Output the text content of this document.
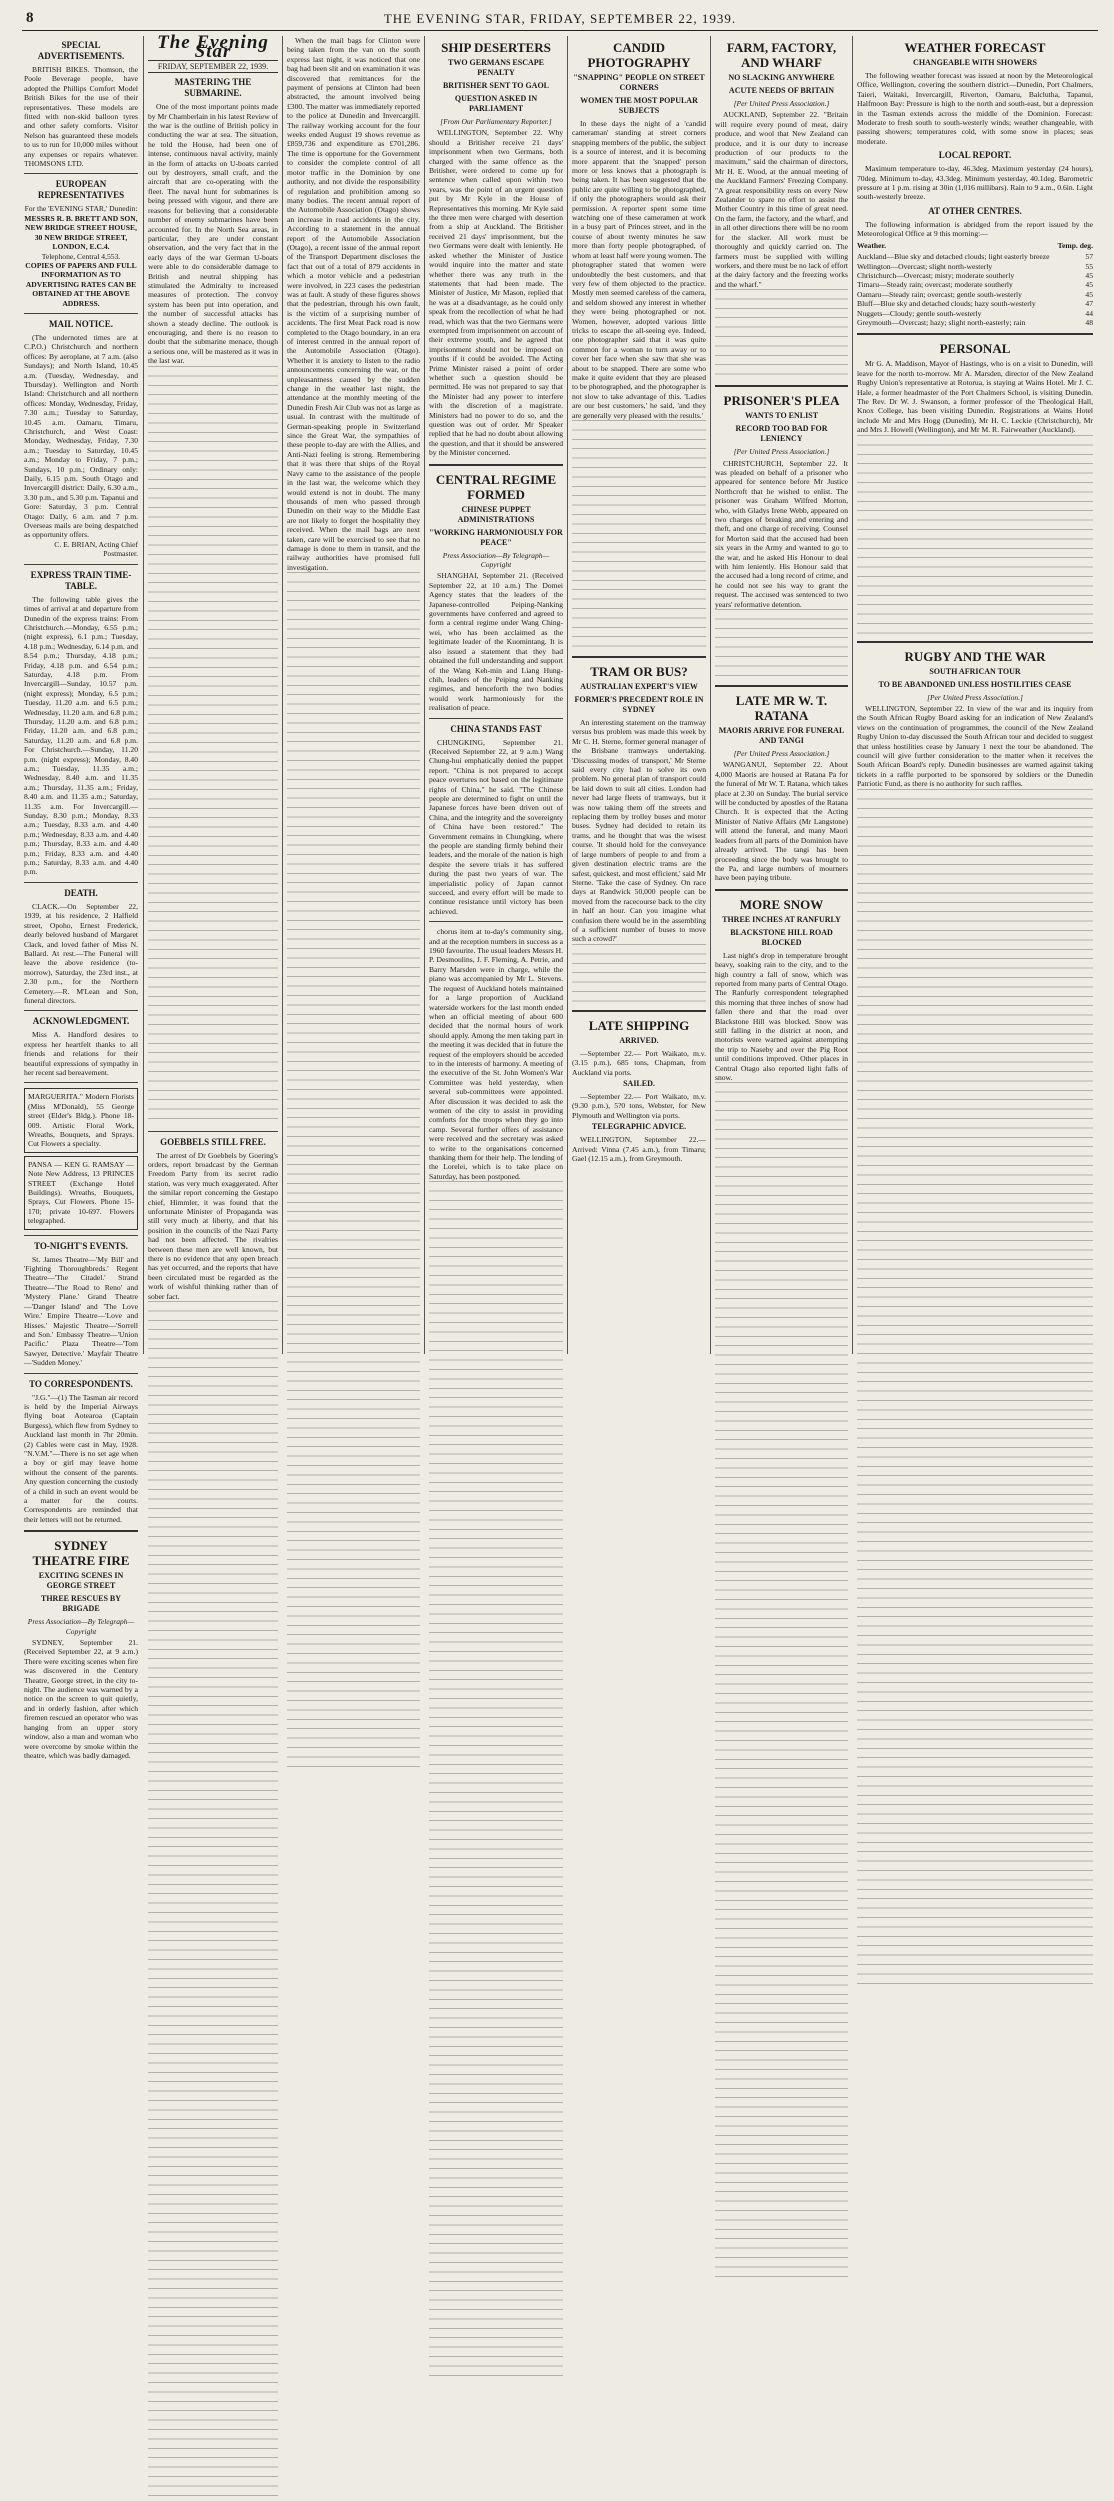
8	THE EVENING STAR, FRIDAY, SEPTEMBER 22, 1939.
SPECIAL ADVERTISEMENTS.
BRITISH BIKES. Thomson, the Poole Beverage people, have adopted the Phillips Comfort Model British Bikes for the use of their representatives. These models are fitted with non-skid balloon tyres and other safety comforts. Visitor Nelson has guaranteed these models to us to run for 10,000 miles without any expenses or repairs whatever. THOMSONS LTD.
EUROPEAN REPRESENTATIVES
For the 'EVENING STAR,' Dunedin:
MESSRS R. B. BRETT AND SON, NEW BRIDGE STREET HOUSE, 30 NEW BRIDGE STREET, LONDON, E.C.4.
Telephone, Central 4,553.
COPIES OF PAPERS AND FULL INFORMATION AS TO ADVERTISING RATES CAN BE OBTAINED AT THE ABOVE ADDRESS.
MAIL NOTICE.
(The undernoted times are at C.P.O.) Christchurch and northern offices: By aeroplane, at 7 a.m. (also Sundays); and North Island, 10.45 a.m. (Tuesday, Wednesday, and Thursday). Wellington and North Island: Christchurch and all northern offices: Monday, Wednesday, Friday, 7.30 a.m.; Tuesday to Saturday, 10.45 a.m. Oamaru, Timaru, Christchurch, and West Coast: Monday, Wednesday, Friday, 7.30 a.m.; Tuesday to Saturday, 10.45 a.m.; Monday to Friday, 7 p.m.; Sundays, 10 p.m.; Ordinary only: Daily, 6.15 p.m. South Otago and Invercargill district: Daily, 6.30 a.m., 3.30 p.m., and 5.30 p.m. Tapanui and Gore: Saturday, 3 p.m. Central Otago: Daily, 6 a.m. and 7 p.m. Overseas mails are being despatched as opportunity offers.
C. E. BRIAN, Acting Chief Postmaster.
EXPRESS TRAIN TIME-TABLE.
The following table gives the times of arrival at and departure from Dunedin of the express trains: From Christchurch.—Monday, 6.55 p.m.; (night express), 6.1 p.m.; Tuesday, 4.18 p.m.; Wednesday, 6.14 p.m. and 8.54 p.m.; Thursday, 4.18 p.m.; Friday, 4.18 p.m. and 6.54 p.m.; Saturday, 4.18 p.m. From Invercargill—Sunday, 10.57 p.m. (night express); Monday, 6.5 p.m.; Tuesday, 11.20 a.m. and 6.5 p.m.; Wednesday, 11.20 a.m. and 6.8 p.m.; Thursday, 11.20 a.m. and 6.8 p.m.; Friday, 11.20 a.m. and 6.8 p.m.; Saturday, 11.20 a.m. and 6.8 p.m. For Christchurch.—Sunday, 11.20 p.m. (night express); Monday, 8.40 a.m.; Tuesday, 11.35 a.m.; Wednesday, 8.40 a.m. and 11.35 a.m.; Thursday, 11.35 a.m.; Friday, 8.40 a.m. and 11.35 a.m.; Saturday, 11.35 a.m. For Invercargill.—Sunday, 8.30 p.m.; Monday, 8.33 a.m.; Tuesday, 8.33 a.m. and 4.40 p.m.; Wednesday, 8.33 a.m. and 4.40 p.m.; Thursday, 8.33 a.m. and 4.40 p.m.; Friday, 8.33 a.m. and 4.40 p.m.; Saturday, 8.33 a.m. and 4.40 p.m.
DEATH.
CLACK.—On September 22, 1939, at his residence, 2 Halfield street, Opoho, Ernest Frederick, dearly beloved husband of Margaret Clack, and loved father of Miss N. Ballard. At rest.—The Funeral will leave the above residence (to-morrow), Saturday, the 23rd inst., at 2.30 p.m., for the Northern Cemetery.—R. M'Lean and Son, funeral directors.
ACKNOWLEDGMENT.
Miss A. Handford desires to express her heartfelt thanks to all friends and relations for their beautiful expressions of sympathy in her recent sad bereavement.
MARGUERITA." Modern Florists (Miss M'Donald), 55 George street (Elder's Bldg.). Phone 18-009. Artistic Floral Work, Wreaths, Bouquets, and Sprays. Cut Flowers a specialty.
PANSA — KEN G. RAMSAY — Note New Address, 13 PRINCES STREET (Exchange Hotel Buildings). Wreaths, Bouquets, Sprays, Cut Flowers. Phone 15-170; private 10-697. Flowers telegraphed.
TO-NIGHT'S EVENTS.
St. James Theatre—'My Bill' and 'Fighting Thoroughbreds.' Regent Theatre—'The Citadel.' Strand Theatre—'The Road to Reno' and 'Mystery Plane.' Grand Theatre—'Danger Island' and 'The Love Wire.' Empire Theatre—'Love and Hisses.' Majestic Theatre—'Sorrell and Son.' Embassy Theatre—'Union Pacific.' Plaza Theatre—'Tom Sawyer, Detective.' Mayfair Theatre—'Sudden Money.'
TO CORRESPONDENTS.
"J.G."—(1) The Tasman air record is held by the Imperial Airways flying boat Aotearoa (Captain Burgess), which flew from Sydney to Auckland last month in 7hr 20min. (2) Cables were cast in May, 1928. "N.V.M."—There is no set age when a boy or girl may leave home without the consent of the parents. Any question concerning the custody of a child in such an event would be a matter for the courts. Correspondents are reminded that their letters will not be returned.
SYDNEY THEATRE FIRE
EXCITING SCENES IN GEORGE STREET
THREE RESCUES BY BRIGADE
Press Association—By Telegraph—Copyright
SYDNEY, September 21. (Received September 22, at 9 a.m.) There were exciting scenes when fire was discovered in the Century Theatre, George street, in the city to-night. The audience was warned by a notice on the screen to quit quietly, and in orderly fashion, after which firemen rescued an operator who was hanging from an upper story window, also a man and woman who were overcome by smoke within the theatre, which was badly damaged.
The Evening Star
FRIDAY, SEPTEMBER 22, 1939.
MASTERING THE SUBMARINE.
One of the most important points made by Mr Chamberlain in his latest Review of the war is the outline of British policy in conducting the war at sea. The situation, he told the House, had been one of intense, continuous naval activity, mainly in the form of attacks on U-boats carried out by destroyers, small craft, and the aircraft that are co-operating with the fleet. The naval hunt for submarines is being pressed with vigour, and there are reasons for believing that a considerable number of enemy submarines have been accounted for. In the North Sea areas, in particular, they are under constant observation, and the very fact that in the early days of the war German U-boats were able to do considerable damage to British and neutral shipping has stimulated the Admiralty to increased measures of protection. The convoy system has been put into operation, and the number of successful attacks has shown a steady decline. The outlook is encouraging, and there is no reason to doubt that the submarine menace, though a serious one, will be mastered as it was in the last war.
GOEBBELS STILL FREE.
The arrest of Dr Goebbels by Goering's orders, report broadcast by the German Freedom Party from its secret radio station, was very much exaggerated. After the similar report concerning the Gestapo chief, Himmler, it was found that the unfortunate Minister of Propaganda was still very much at liberty, and that his position in the councils of the Nazi Party had not been affected. The rivalries between these men are well known, but there is no evidence that any open breach has yet occurred, and the reports that have been circulated must be regarded as the work of wishful thinking rather than of sober fact.
When the mail bags for Clinton were being taken from the van on the south express last night, it was noticed that one bag had been slit and on examination it was discovered that remittances for the payment of pensions at Clinton had been abstracted, the amount involved being £300. The matter was immediately reported to the police at Dunedin and Invercargill. The railway working account for the four weeks ended August 19 shows revenue as £859,736 and expenditure as £701,286. The time is opportune for the Government to consider the complete control of all motor traffic in the Dominion by one authority, and not divide the responsibility of regulation and prohibition among so many bodies. The recent annual report of the Automobile Association (Otago) shows an increase in road accidents in the city. According to a statement in the annual report of the Automobile Association (Otago), a recent issue of the annual report of the Transport Department discloses the fact that out of a total of 879 accidents in which a motor vehicle and a pedestrian were involved, in 223 cases the pedestrian was at fault. A study of these figures shows that the pedestrian, through his own fault, is the victim of a surprising number of accidents. The first Meat Pack road is now completed to the Otago boundary, in an era of interest centred in the annual report of the Automobile Association (Otago). Whether it is anxiety to listen to the radio announcements concerning the war, or the unpleasantness caused by the sudden change in the weather last night, the attendance at the monthly meeting of the Dunedin Fresh Air Club was not as large as usual. In contrast with the multitude of German-speaking people in Switzerland since the Great War, the sympathies of these people to-day are with the Allies, and Anti-Nazi feeling is strong. Remembering that it was there that ships of the Royal Navy came to the assistance of the people in the last war, the welcome which they would extend is not in doubt. The many thousands of men who passed through Dunedin on their way to the Middle East are not likely to forget the hospitality they received. When the mail bags are next taken, care will be exercised to see that no damage is done to them in transit, and the railway authorities have promised full investigation.
SHIP DESERTERS
TWO GERMANS ESCAPE PENALTY
BRITISHER SENT TO GAOL
QUESTION ASKED IN PARLIAMENT
[From Our Parliamentary Reporter.]
WELLINGTON, September 22. Why should a Britisher receive 21 days' imprisonment when two Germans, both charged with the same offence as the Britisher, were ordered to come up for sentence when called upon within two years, was the point of an urgent question put by Mr Kyle in the House of Representatives this morning. Mr Kyle said the three men were charged with desertion from a ship at Auckland. The Britisher received 21 days' imprisonment, but the two Germans were dealt with leniently. He asked whether the Minister of Justice would inquire into the matter and state whether there was any truth in the statements that had been made. The Minister of Justice, Mr Mason, replied that he was at a disadvantage, as he could only speak from the recollection of what he had read, which was that the two Germans were exempted from imprisonment on account of their extreme youth, and he agreed that imprisonment should not be imposed on youths if it could be avoided. The Acting Prime Minister raised a point of order whether such a question should be permitted. He was not prepared to say that the Minister had any power to interfere with the discretion of a magistrate. Ministers had no power to do so, and the question was out of order. Mr Speaker replied that he had no doubt about allowing the question, and that it should be answered by the Minister concerned.
CENTRAL REGIME FORMED
CHINESE PUPPET ADMINISTRATIONS
"WORKING HARMONIOUSLY FOR PEACE"
Press Association—By Telegraph—Copyright
SHANGHAI, September 21. (Received September 22, at 10 a.m.) The Domei Agency states that the leaders of the Japanese-controlled Peiping-Nanking governments have conferred and agreed to form a central regime under Wang Ching-wei, who has been acclaimed as the legitimate leader of the Kuomintang. It is also issued a statement that they had obtained the full understanding and support of the Wang Keh-min and Liang Hung-chih, leaders of the Peiping and Nanking regimes, and henceforth the two bodies would work harmoniously for the realisation of peace.
CHINA STANDS FAST
CHUNGKING, September 21. (Received September 22, at 9 a.m.) Wang Chung-hui emphatically denied the puppet report. "China is not prepared to accept peace overtures not based on the legitimate rights of China," he said. "The Chinese people are determined to fight on until the Japanese forces have been driven out of China, and the integrity and the sovereignty of China have been restored." The Government remains in Chungking, where the people are standing firmly behind their leaders, and the morale of the nation is high despite the severe trials it has suffered during the past two years of war. The imperialistic policy of Japan cannot succeed, and every effort will be made to continue resistance until victory has been achieved.
chorus item at to-day's community sing, and at the reception numbers in success as a 1960 favourite. The usual leaders Messrs H. P. Desmoulins, J. F. Fleming, A. Petrie, and Barry Marsden were in charge, while the piano was accompanied by Mr L. Stevens. The request of Auckland hotels maintained for a large proportion of Auckland waterside workers for the last month ended when an official meeting of about 600 decided that the normal hours of work should apply. Among the men taking part in the meeting it was decided that in future the request of the employers should be acceded to in the interests of harmony. A meeting of the executive of the St. John Women's War Committee was held yesterday, when several sub-committees were appointed. After discussion it was decided to ask the women of the city to assist in providing comforts for the troops when they go into camp. Several further offers of assistance were received and the secretary was asked to write to the organisations concerned thanking them for their help. The lending of the Lorelei, which is to take place on Saturday, has been postponed.
CANDID PHOTOGRAPHY
"SNAPPING" PEOPLE ON STREET CORNERS
WOMEN THE MOST POPULAR SUBJECTS
In these days the night of a 'candid cameraman' standing at street corners snapping members of the public, the subject is a source of interest, and it is becoming more apparent that the 'snapped' person more or less knows that a photograph is being taken. It has been suggested that the public are quite willing to be photographed, if only the photographers would ask their permission. A reporter spent some time watching one of these cameramen at work in a busy part of Princes street, and in the course of about twenty minutes he saw more than forty people photographed, of whom at least half were young women. The photographer stated that women were undoubtedly the best customers, and that very few of them objected to the practice. Mostly men seemed careless of the camera, and seldom showed any interest in whether they were being photographed or not. Women, however, adopted various little tricks to escape the all-seeing eye. Indeed, one photographer said that it was quite common for a woman to turn away or to cover her face when she saw that she was about to be snapped. There are some who make it quite evident that they are pleased to be photographed, and the photographer is not slow to take advantage of this. 'Ladies are our best customers,' he said, 'and they are generally very pleased with the results.'
TRAM OR BUS?
AUSTRALIAN EXPERT'S VIEW
FORMER'S PRECEDENT ROLE IN SYDNEY
An interesting statement on the tramway versus bus problem was made this week by Mr C. H. Sterne, former general manager of the Brisbane tramways undertaking. 'Discussing modes of transport,' Mr Sterne said every city had to solve its own problem. No general plan of transport could be laid down to suit all cities. London had never had large fleets of tramways, but it was now taking them off the streets and replacing them by trolley buses and motor buses. Sydney had decided to retain its trams, and he thought that was the wisest course. 'It should hold for the conveyance of large numbers of people to and from a given destination electric trams are the safest, quickest, and most efficient,' said Mr Sterne. 'Take the case of Sydney. On race days at Randwick 50,000 people can be moved from the racecourse back to the city in half an hour. Can you imagine what confusion there would be in the assembling of a sufficient number of buses to move such a crowd?'
LATE SHIPPING
ARRIVED.
—September 22.— Port Waikato, m.v. (3.15 p.m.), 685 tons, Chapman, from Auckland via ports.
SAILED.
—September 22.— Port Waikato, m.v. (9.30 p.m.), 5?0 tons, Webster, for New Plymouth and Wellington via ports.
TELEGRAPHIC ADVICE.
WELLINGTON, September 22.—Arrived: Vinna (7.45 a.m.), from Timaru; Gael (12.15 a.m.), from Greymouth.
FARM, FACTORY, AND WHARF
NO SLACKING ANYWHERE
ACUTE NEEDS OF BRITAIN
[Per United Press Association.]
AUCKLAND, September 22. "Britain will require every pound of meat, dairy produce, and wool that New Zealand can produce, and it is our duty to increase production of our products to the maximum," said the chairman of directors, Mr H. E. Wood, at the annual meeting of the Auckland Farmers' Freezing Company. "A great responsibility rests on every New Zealander to spare no effort to assist the Mother Country in this time of great need. On the farm, the factory, and the wharf, and in all other directions there will be no room for the slacker. All work must be thoroughly and quickly carried on. The farmers must be supplied with willing workers, and there must be no lack of effort at the dairy factory and the freezing works and the wharf."
PRISONER'S PLEA
WANTS TO ENLIST
RECORD TOO BAD FOR LENIENCY
[Per United Press Association.]
CHRISTCHURCH, September 22. It was pleaded on behalf of a prisoner who appeared for sentence before Mr Justice Northcroft that he wished to enlist. The prisoner was Graham Wilfred Morton, who, with Gladys Irene Webb, appeared on two charges of breaking and entering and theft, and one charge of receiving. Counsel for Morton said that the accused had been six years in the Army and wanted to go to the war, and he asked His Honour to deal with him leniently. His Honour said that the accused had a long record of crime, and he could not see his way to grant the request. The accused was sentenced to two years' reformative detention.
LATE MR W. T. RATANA
MAORIS ARRIVE FOR FUNERAL AND TANGI
[Per United Press Association.]
WANGANUI, September 22. About 4,000 Maoris are housed at Ratana Pa for the funeral of Mr W. T. Ratana, which takes place at 2.30 on Sunday. The burial service will be conducted by apostles of the Ratana Church. It is expected that the Acting Minister of Native Affairs (Mr Langstone) will attend the funeral, and many Maori leaders from all parts of the Dominion have already arrived. The tangi has been proceeding since the body was brought to the Pa, and large numbers of mourners have been paying tribute.
MORE SNOW
THREE INCHES AT RANFURLY
BLACKSTONE HILL ROAD BLOCKED
Last night's drop in temperature brought heavy, soaking rain to the city, and to the high country a fall of snow, which was reported from many parts of Central Otago. The Ranfurly correspondent telegraphed this morning that three inches of snow had fallen there and that the road over Blackstone Hill was blocked. Snow was still falling in the district at noon, and motorists were warned against attempting the trip to Naseby and over the Pig Root until conditions improved. Other places in Central Otago also reported light falls of snow.
WEATHER FORECAST
CHANGEABLE WITH SHOWERS
The following weather forecast was issued at noon by the Meteorological Office, Wellington, covering the southern district—Dunedin, Port Chalmers, Taieri, Waitaki, Invercargill, Riverton, Oamaru, Balclutha, Tapanui, Halfmoon Bay: Pressure is high to the north and south-east, but a depression in the Tasman extends across the middle of the Dominion. Forecast: Moderate to fresh south to south-westerly winds; weather changeable, with passing showers; temperatures cold, with some snow in places; seas moderate.
LOCAL REPORT.
Maximum temperature to-day, 46.3deg. Maximum yesterday (24 hours), 70deg. Minimum to-day, 43.3deg. Minimum yesterday, 40.1deg. Barometric pressure at 1 p.m. rising at 30in (1,016 millibars). Rain to 9 a.m., 0.6in. Light south-westerly breeze.
AT OTHER CENTRES.
The following information is abridged from the report issued by the Meteorological Office at 9 this morning:—
Weather.	Temp. deg.
Auckland—Blue sky and detached clouds; light easterly breeze	57
Wellington—Overcast; slight north-westerly	55
Christchurch—Overcast; misty; moderate southerly	45
Timaru—Steady rain; overcast; moderate southerly	45
Oamaru—Steady rain; overcast; gentle south-westerly	45
Bluff—Blue sky and detached clouds; hazy south-westerly	47
Nuggets—Cloudy; gentle south-westerly	44
Greymouth—Overcast; hazy; slight north-easterly; rain	48
PERSONAL
Mr G. A. Maddison, Mayor of Hastings, who is on a visit to Dunedin, will leave for the north to-morrow. Mr A. Marsden, director of the New Zealand Rugby Union's representative at Rotorua, is staying at Wains Hotel. Mr J. C. Hale, a former headmaster of the Port Chalmers School, is visiting Dunedin. The Rev. Dr W. J. Swanson, a former professor of the Theological Hall, Knox College, has been visiting Dunedin. Registrations at Wains Hotel include Mr and Mrs Hogg (Dunedin), Mr H. C. Leckie (Christchurch), Mr and Mrs J. Howell (Wellington), and Mr M. R. Fairweather (Auckland).
RUGBY AND THE WAR
SOUTH AFRICAN TOUR
TO BE ABANDONED UNLESS HOSTILITIES CEASE
[Per United Press Association.]
WELLINGTON, September 22. In view of the war and its inquiry from the South African Rugby Board asking for an indication of New Zealand's views on the continuation of programmes, the council of the New Zealand Rugby Union to-day discussed the South African tour and decided to suggest that unless hostilities cease by January 1 next the tour be abandoned. The council will give further consideration to the matter when it receives the South African Board's reply. Dunedin businesses are warned against taking tickets in a raffle purported to be sponsored by soldiers or the Dunedin Patriotic Fund, as there is no authority for such raffles.
